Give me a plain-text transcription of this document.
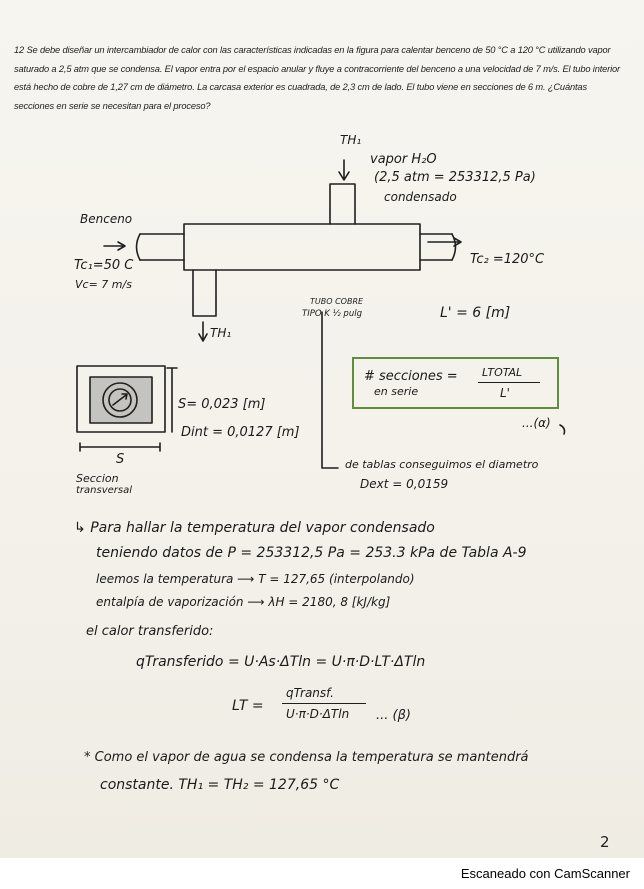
12 Se debe diseñar un intercambiador de calor con las características indicadas en la figura para calentar benceno de 50 °C a 120 °C utilizando vapor saturado a 2,5 atm que se condensa. El vapor entra por el espacio anular y fluye a contracorriente del benceno a una velocidad de 7 m/s. El tubo interior está hecho de cobre de 1,27 cm de diámetro. La carcasa exterior es cuadrada, de 2,3 cm de lado. El tubo viene en secciones de 6 m. ¿Cuántas secciones en serie se necesitan para el proceso?

TH₁
vapor H₂O
(2,5 atm = 253312,5 Pa)
condensado
Benceno
Tc₁=50 C
Vc= 7 m/s
Tc₂ =120°C
TUBO COBRE
TIPO K ½ pulg	L' = 6 [m]
TH₁
S= 0,023 [m]
Dint = 0,0127 [m]
S
Seccion
transversal
# secciones =
en serie
LTOTAL
L'
...(α)
de tablas conseguimos el diametro
Dext = 0,0159
↳ Para hallar la temperatura del vapor condensado
teniendo datos de P = 253312,5 Pa = 253.3 kPa de Tabla A-9
leemos la temperatura ⟶ T = 127,65 (interpolando)
entalpía de vaporización ⟶ λH = 2180, 8 [kJ/kg]
el calor transferido:
qTransferido = U·As·ΔTln = U·π·D·LT·ΔTln
LT =
qTransf.
U·π·D·ΔTln ... (β)
* Como el vapor de agua se condensa la temperatura se mantendrá
constante. TH₁ = TH₂ = 127,65 °C
2
Escaneado con CamScanner
